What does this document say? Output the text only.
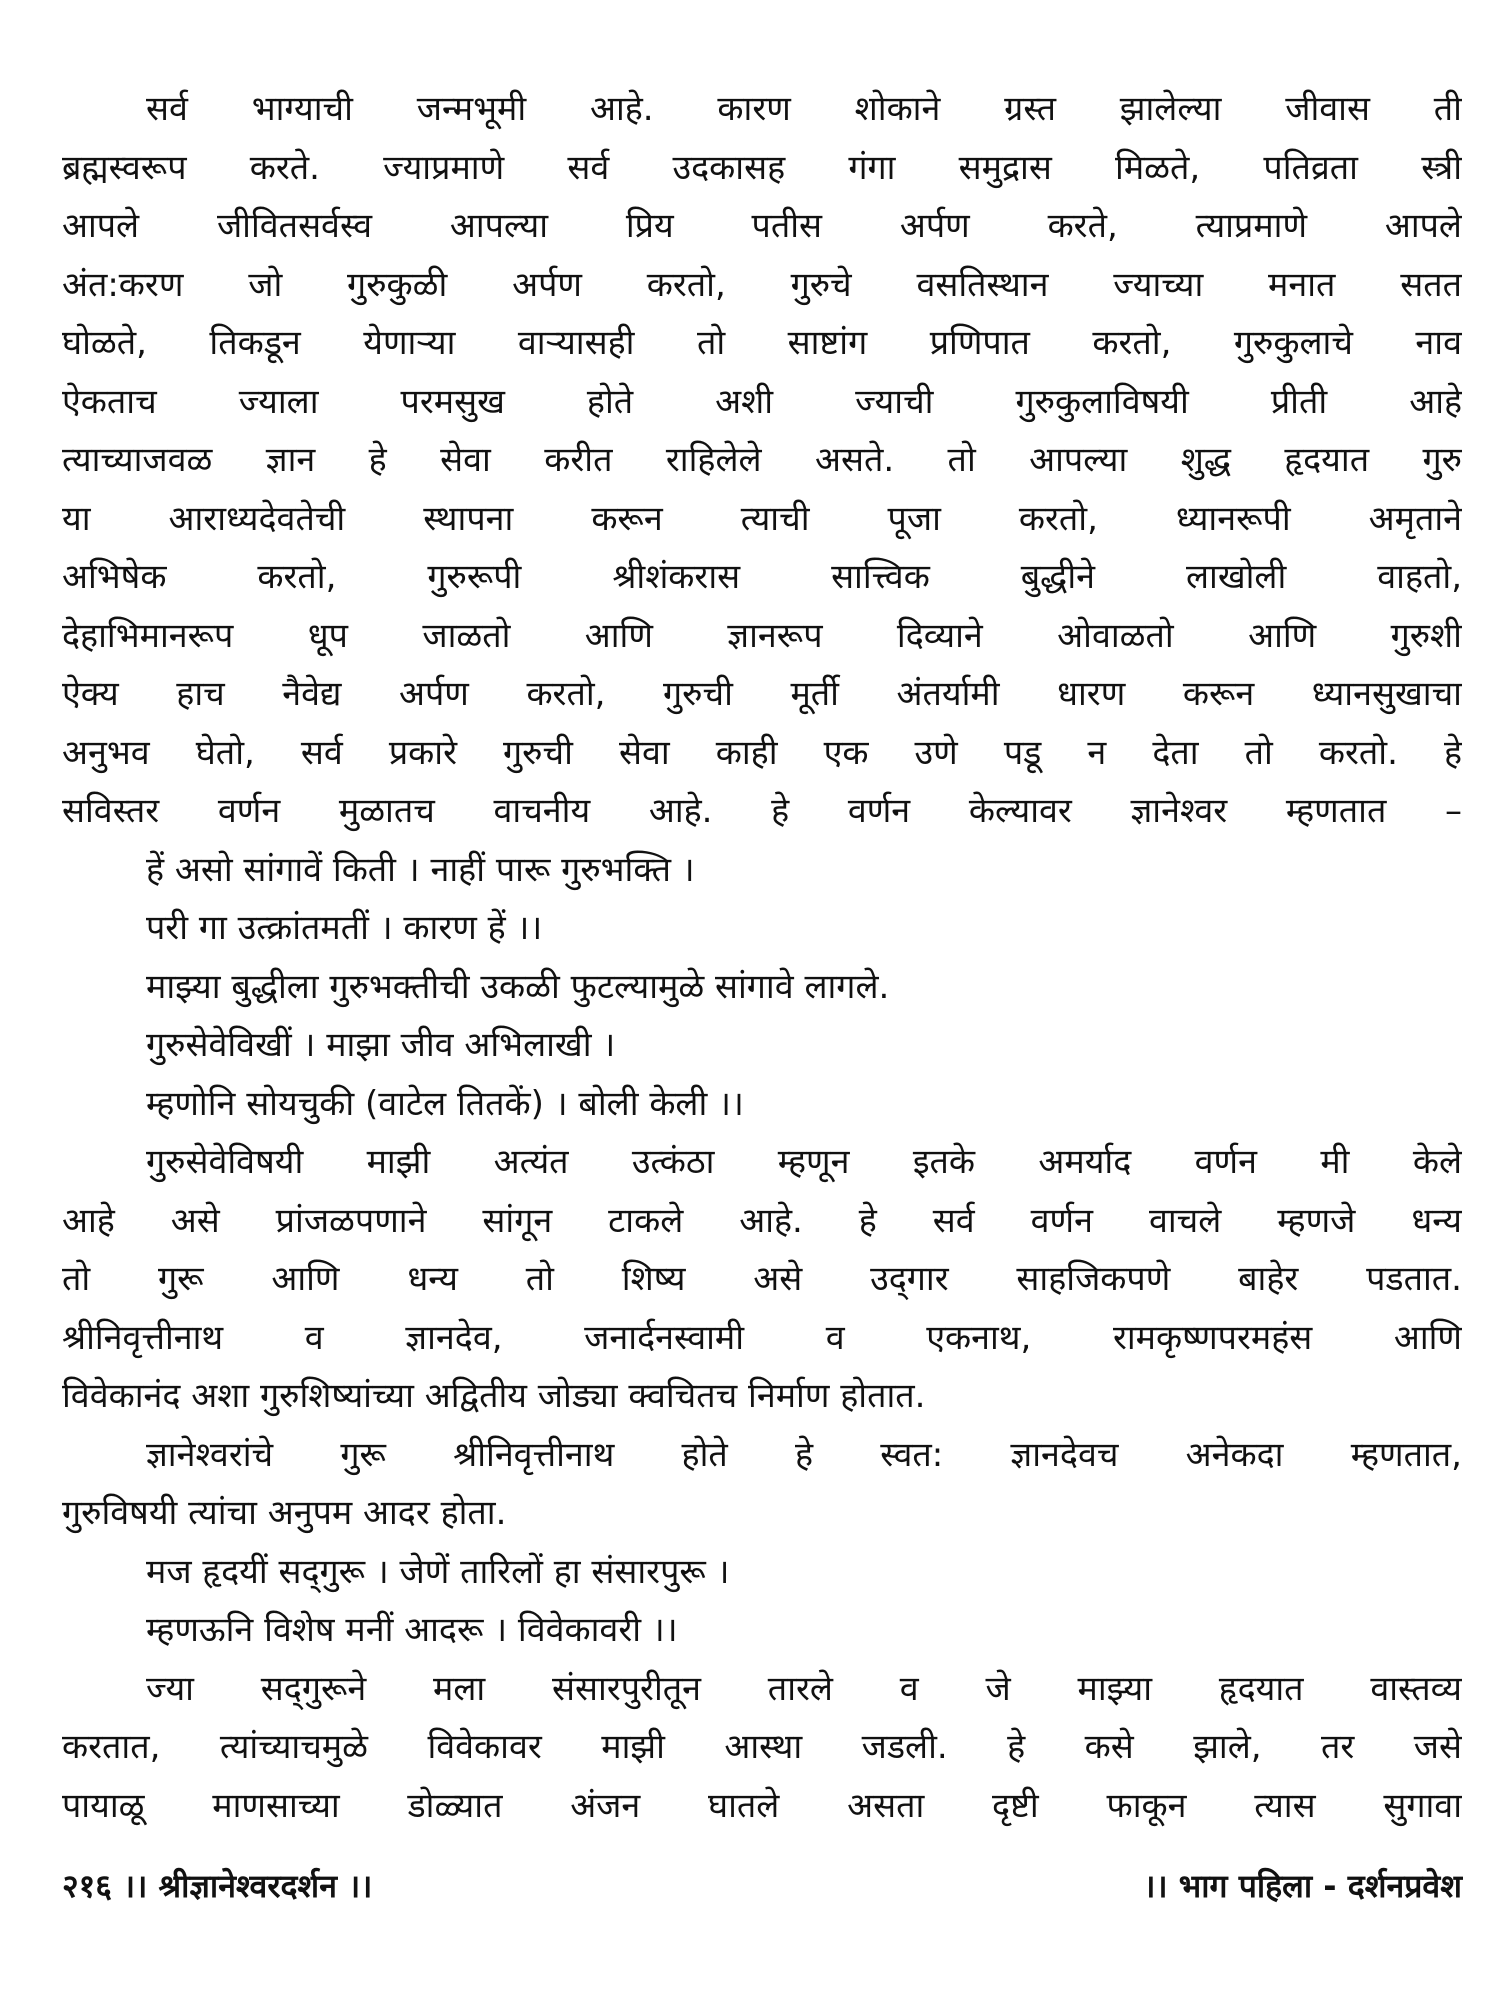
सर्व भाग्याची जन्मभूमी आहे. कारण शोकाने ग्रस्त झालेल्या जीवास ती
ब्रह्मस्वरूप करते. ज्याप्रमाणे सर्व उदकासह गंगा समुद्रास मिळते, पतिव्रता स्त्री
आपले जीवितसर्वस्व आपल्या प्रिय पतीस अर्पण करते, त्याप्रमाणे आपले
अंत:करण जो गुरुकुळी अर्पण करतो, गुरुचे वसतिस्थान ज्याच्या मनात सतत
घोळते, तिकडून येणाऱ्या वाऱ्यासही तो साष्टांग प्रणिपात करतो, गुरुकुलाचे नाव
ऐकताच ज्याला परमसुख होते अशी ज्याची गुरुकुलाविषयी प्रीती आहे
त्याच्याजवळ ज्ञान हे सेवा करीत राहिलेले असते. तो आपल्या शुद्ध हृदयात गुरु
या आराध्यदेवतेची स्थापना करून त्याची पूजा करतो, ध्यानरूपी अमृताने
अभिषेक करतो, गुरुरूपी श्रीशंकरास सात्त्विक बुद्धीने लाखोली वाहतो,
देहाभिमानरूप धूप जाळतो आणि ज्ञानरूप दिव्याने ओवाळतो आणि गुरुशी
ऐक्य हाच नैवेद्य अर्पण करतो, गुरुची मूर्ती अंतर्यामी धारण करून ध्यानसुखाचा
अनुभव घेतो, सर्व प्रकारे गुरुची सेवा काही एक उणे पडू न देता तो करतो. हे
सविस्तर वर्णन मुळातच वाचनीय आहे. हे वर्णन केल्यावर ज्ञानेश्वर म्हणतात –
हें असो सांगावें किती । नाहीं पारू गुरुभक्ति ।
परी गा उत्क्रांतमतीं । कारण हें ।।
माझ्या बुद्धीला गुरुभक्तीची उकळी फुटल्यामुळे सांगावे लागले.
गुरुसेवेविखीं । माझा जीव अभिलाखी ।
म्हणोनि सोयचुकी (वाटेल तितकें) । बोली केली ।।
गुरुसेवेविषयी माझी अत्यंत उत्कंठा म्हणून इतके अमर्याद वर्णन मी केले
आहे असे प्रांजळपणाने सांगून टाकले आहे. हे सर्व वर्णन वाचले म्हणजे धन्य
तो गुरू आणि धन्य तो शिष्य असे उद्‌गार साहजिकपणे बाहेर पडतात.
श्रीनिवृत्तीनाथ व ज्ञानदेव, जनार्दनस्वामी व एकनाथ, रामकृष्णपरमहंस आणि
विवेकानंद अशा गुरुशिष्यांच्या अद्वितीय जोड्या क्वचितच निर्माण होतात.
ज्ञानेश्वरांचे गुरू श्रीनिवृत्तीनाथ होते हे स्वत: ज्ञानदेवच अनेकदा म्हणतात,
गुरुविषयी त्यांचा अनुपम आदर होता.
मज हृदयीं सद्‌गुरू । जेणें तारिलों हा संसारपुरू ।
म्हणऊनि विशेष मनीं आदरू । विवेकावरी ।।
ज्या सद्‌गुरूने मला संसारपुरीतून तारले व जे माझ्या हृदयात वास्तव्य
करतात, त्यांच्याचमुळे विवेकावर माझी आस्था जडली. हे कसे झाले, तर जसे
पायाळू माणसाच्या डोळ्यात अंजन घातले असता दृष्टी फाकून त्यास सुगावा
२१६ ।। श्रीज्ञानेश्वरदर्शन ।।	।। भाग पहिला - दर्शनप्रवेश
